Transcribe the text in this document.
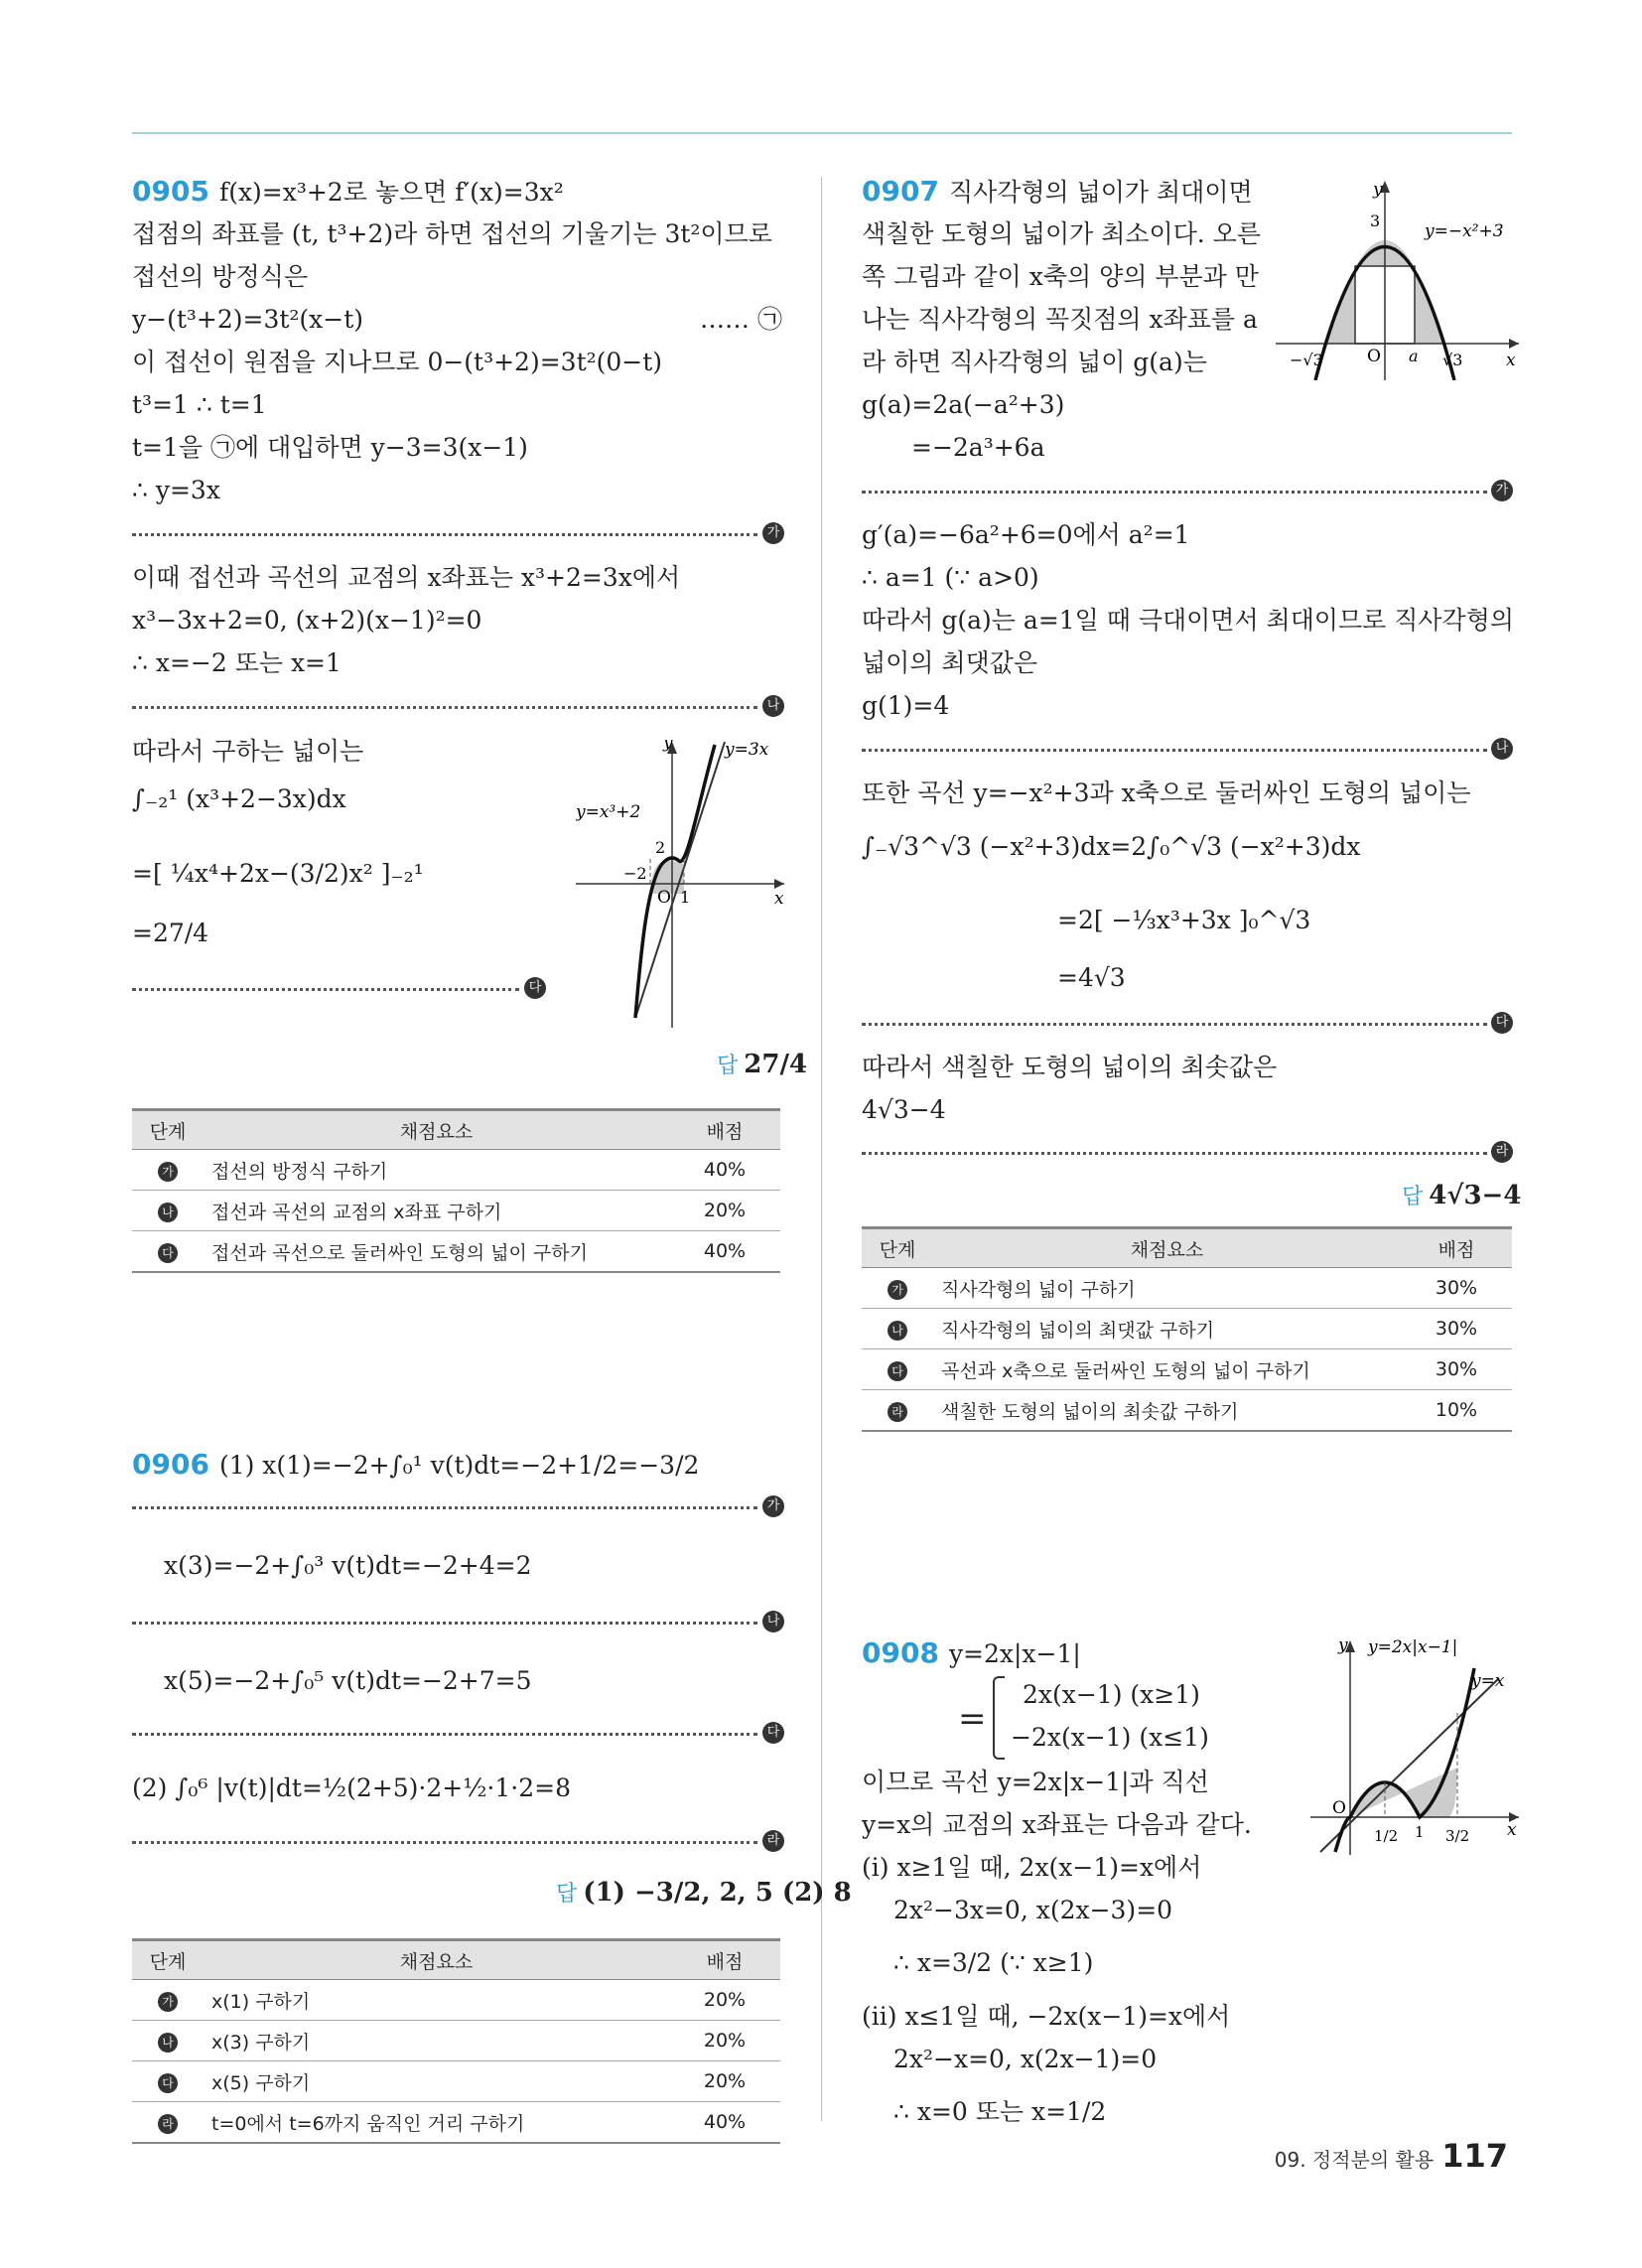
0905 f(x)=x³+2로 놓으면 f′(x)=3x²
접점의 좌표를 (t, t³+2)라 하면 접선의 기울기는 3t²이므로
접선의 방정식은
y−(t³+2)=3t²(x−t)	…… ㉠
이 접선이 원점을 지나므로 0−(t³+2)=3t²(0−t)
t³=1 ∴ t=1
t=1을 ㉠에 대입하면 y−3=3(x−1)
∴ y=3x
가
이때 접선과 곡선의 교점의 x좌표는 x³+2=3x에서
x³−3x+2=0, (x+2)(x−1)²=0
∴ x=−2 또는 x=1
나
따라서 구하는 넓이는
∫₋₂¹ (x³+2−3x)dx
=[ ¼x⁴+2x−(3/2)x² ]₋₂¹
=27/4
다
y
x
O
y=3x
y=x³+2
2
−2
1
답 27/4
단계	채점요소	배점
가	접선의 방정식 구하기	40%
나	접선과 곡선의 교점의 x좌표 구하기	20%
다	접선과 곡선으로 둘러싸인 도형의 넓이 구하기	40%
0906 (1) x(1)=−2+∫₀¹ v(t)dt=−2+1/2=−3/2
가
x(3)=−2+∫₀³ v(t)dt=−2+4=2
나
x(5)=−2+∫₀⁵ v(t)dt=−2+7=5
다
(2) ∫₀⁶ |v(t)|dt=½(2+5)·2+½·1·2=8
라
답 (1) −3/2, 2, 5 (2) 8
단계	채점요소	배점
가	x(1) 구하기	20%
나	x(3) 구하기	20%
다	x(5) 구하기	20%
라	t=0에서 t=6까지 움직인 거리 구하기	40%
0907 직사각형의 넓이가 최대이면
색칠한 도형의 넓이가 최소이다. 오른
쪽 그림과 같이 x축의 양의 부분과 만
나는 직사각형의 꼭짓점의 x좌표를 a
라 하면 직사각형의 넓이 g(a)는
g(a)=2a(−a²+3)
=−2a³+6a
y
x
O
y=−x²+3
3
−√3	a √3
가
g′(a)=−6a²+6=0에서 a²=1
∴ a=1 (∵ a>0)
따라서 g(a)는 a=1일 때 극대이면서 최대이므로 직사각형의
넓이의 최댓값은
g(1)=4
나
또한 곡선 y=−x²+3과 x축으로 둘러싸인 도형의 넓이는
∫₋√3^√3 (−x²+3)dx=2∫₀^√3 (−x²+3)dx
=2[ −⅓x³+3x ]₀^√3
=4√3
다
따라서 색칠한 도형의 넓이의 최솟값은
4√3−4
라
답 4√3−4
단계	채점요소	배점
가	직사각형의 넓이 구하기	30%
나	직사각형의 넓이의 최댓값 구하기	30%
다	곡선과 x축으로 둘러싸인 도형의 넓이 구하기	30%
라	색칠한 도형의 넓이의 최솟값 구하기	10%
0908 y=2x|x−1|
=
2x(x−1) (x≥1)
−2x(x−1) (x≤1)
이므로 곡선 y=2x|x−1|과 직선
y=x의 교점의 x좌표는 다음과 같다.
(ⅰ) x≥1일 때, 2x(x−1)=x에서
2x²−3x=0, x(2x−3)=0
∴ x=3/2 (∵ x≥1)
(ⅱ) x≤1일 때, −2x(x−1)=x에서
2x²−x=0, x(2x−1)=0
∴ x=0 또는 x=1/2
y
x
O
y=2x|x−1|
y=x
1/2 1 3/2
09. 정적분의 활용 117
